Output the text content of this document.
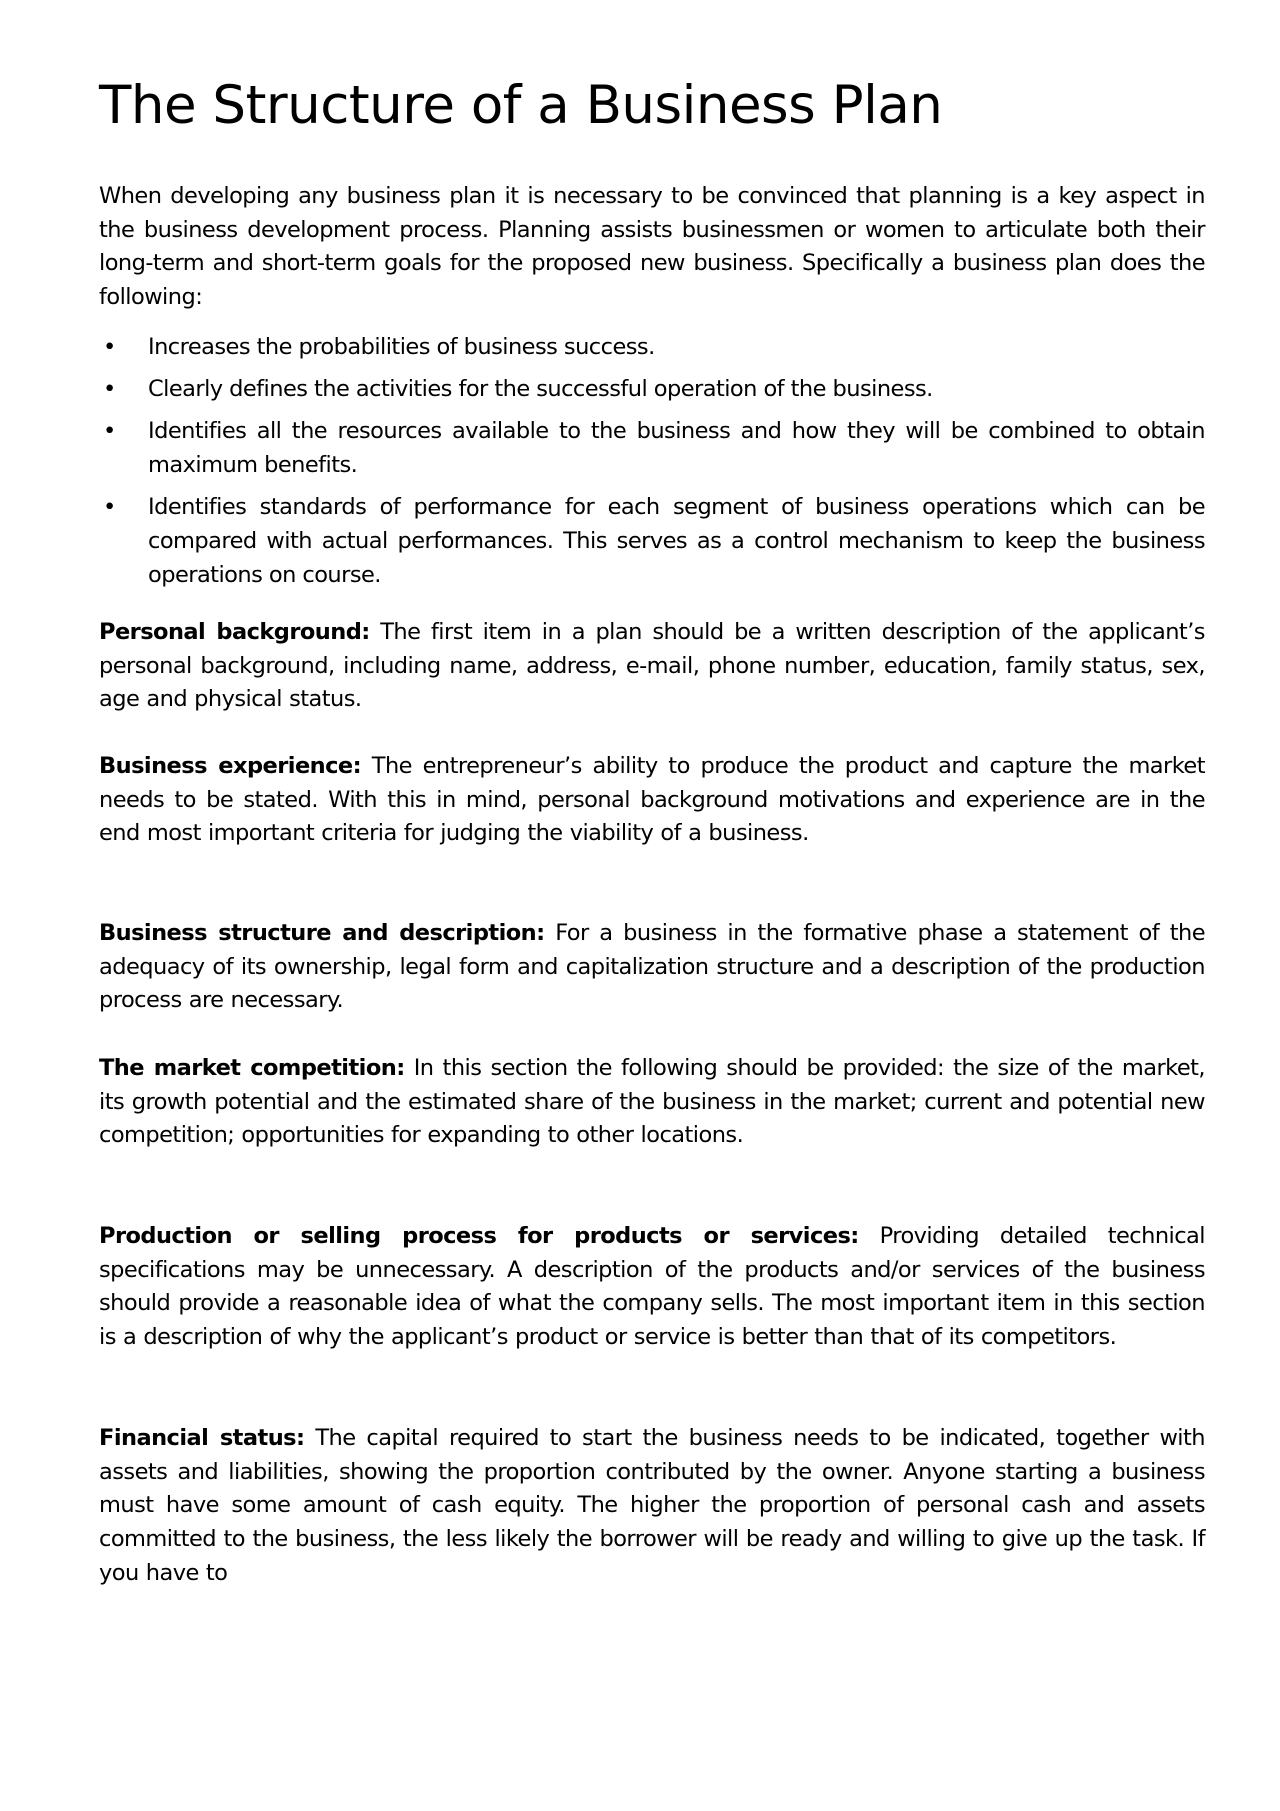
The Structure of a Business Plan

When developing any business plan it is necessary to be convinced that planning is a key aspect in the business development process. Planning assists businessmen or women to articulate both their long-term and short-term goals for the proposed new business. Specifically a business plan does the following:

• Increases the probabilities of business success.
• Clearly defines the activities for the successful operation of the business.
• Identifies all the resources available to the business and how they will be combined to obtain maximum benefits.
• Identifies standards of performance for each segment of business operations which can be compared with actual performances. This serves as a control mechanism to keep the business operations on course.

Personal background: The first item in a plan should be a written description of the applicant’s personal background, including name, address, e-mail, phone number, education, family status, sex, age and physical status.

Business experience: The entrepreneur’s ability to produce the product and capture the market needs to be stated. With this in mind, personal background motivations and experience are in the end most important criteria for judging the viability of a business.

Business structure and description: For a business in the formative phase a statement of the adequacy of its ownership, legal form and capitalization structure and a description of the production process are necessary.

The market competition: In this section the following should be provided: the size of the market, its growth potential and the estimated share of the business in the market; current and potential new competition; opportunities for expanding to other locations.

Production or selling process for products or services: Providing detailed technical specifications may be unnecessary. A description of the products and/or services of the business should provide a reasonable idea of what the company sells. The most important item in this section is a description of why the applicant’s product or service is better than that of its competitors.

Financial status: The capital required to start the business needs to be indicated, together with assets and liabilities, showing the proportion contributed by the owner. Anyone starting a business must have some amount of cash equity. The higher the proportion of personal cash and assets committed to the business, the less likely the borrower will be ready and willing to give up the task. If you have to
